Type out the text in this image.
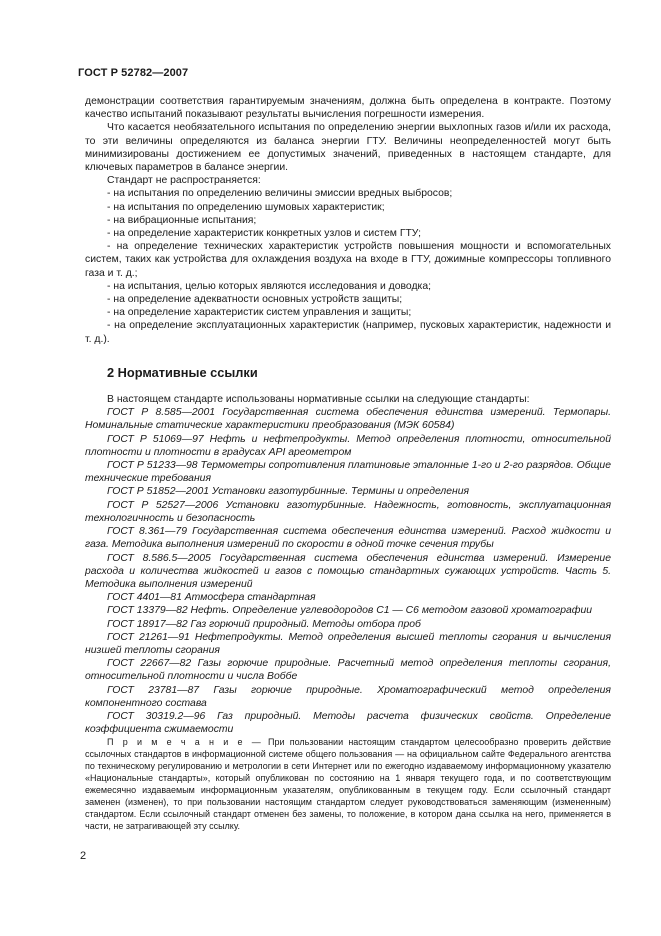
ГОСТ Р 52782—2007

демонстрации соответствия гарантируемым значениям, должна быть определена в контракте. Поэтому качество испытаний показывают результаты вычисления погрешности измерения.

Что касается необязательного испытания по определению энергии выхлопных газов и/или их расхода, то эти величины определяются из баланса энергии ГТУ. Величины неопределенностей могут быть минимизированы достижением ее допустимых значений, приведенных в настоящем стандарте, для ключевых параметров в балансе энергии.

Стандарт не распространяется:

- на испытания по определению величины эмиссии вредных выбросов;

- на испытания по определению шумовых характеристик;

- на вибрационные испытания;

- на определение характеристик конкретных узлов и систем ГТУ;

- на определение технических характеристик устройств повышения мощности и вспомогательных систем, таких как устройства для охлаждения воздуха на входе в ГТУ, дожимные компрессоры топливного газа и т. д.;

- на испытания, целью которых являются исследования и доводка;

- на определение адекватности основных устройств защиты;

- на определение характеристик систем управления и защиты;

- на определение эксплуатационных характеристик (например, пусковых характеристик, надежности и т. д.).

2 Нормативные ссылки

В настоящем стандарте использованы нормативные ссылки на следующие стандарты:

ГОСТ Р 8.585—2001 Государственная система обеспечения единства измерений. Термопары. Номинальные статические характеристики преобразования (МЭК 60584)

ГОСТ Р 51069—97 Нефть и нефтепродукты. Метод определения плотности, относительной плотности и плотности в градусах API ареометром

ГОСТ Р 51233—98 Термометры сопротивления платиновые эталонные 1-го и 2-го разрядов. Общие технические требования

ГОСТ Р 51852—2001 Установки газотурбинные. Термины и определения

ГОСТ Р 52527—2006 Установки газотурбинные. Надежность, готовность, эксплуатационная технологичность и безопасность

ГОСТ 8.361—79 Государственная система обеспечения единства измерений. Расход жидкости и газа. Методика выполнения измерений по скорости в одной точке сечения трубы

ГОСТ 8.586.5—2005 Государственная система обеспечения единства измерений. Измерение расхода и количества жидкостей и газов с помощью стандартных сужающих устройств. Часть 5. Методика выполнения измерений

ГОСТ 4401—81 Атмосфера стандартная

ГОСТ 13379—82 Нефть. Определение углеводородов С1 — С6 методом газовой хроматографии

ГОСТ 18917—82 Газ горючий природный. Методы отбора проб

ГОСТ 21261—91 Нефтепродукты. Метод определения высшей теплоты сгорания и вычисления низшей теплоты сгорания

ГОСТ 22667—82 Газы горючие природные. Расчетный метод определения теплоты сгорания, относительной плотности и числа Воббе

ГОСТ 23781—87 Газы горючие природные. Хроматографический метод определения компонентного состава

ГОСТ 30319.2—96 Газ природный. Методы расчета физических свойств. Определение коэффициента сжимаемости

П р и м е ч а н и е — При пользовании настоящим стандартом целесообразно проверить действие ссылочных стандартов в информационной системе общего пользования — на официальном сайте Федерального агентства по техническому регулированию и метрологии в сети Интернет или по ежегодно издаваемому информационному указателю «Национальные стандарты», который опубликован по состоянию на 1 января текущего года, и по соответствующим ежемесячно издаваемым информационным указателям, опубликованным в текущем году. Если ссылочный стандарт заменен (изменен), то при пользовании настоящим стандартом следует руководствоваться заменяющим (измененным) стандартом. Если ссылочный стандарт отменен без замены, то положение, в котором дана ссылка на него, применяется в части, не затрагивающей эту ссылку.

2
